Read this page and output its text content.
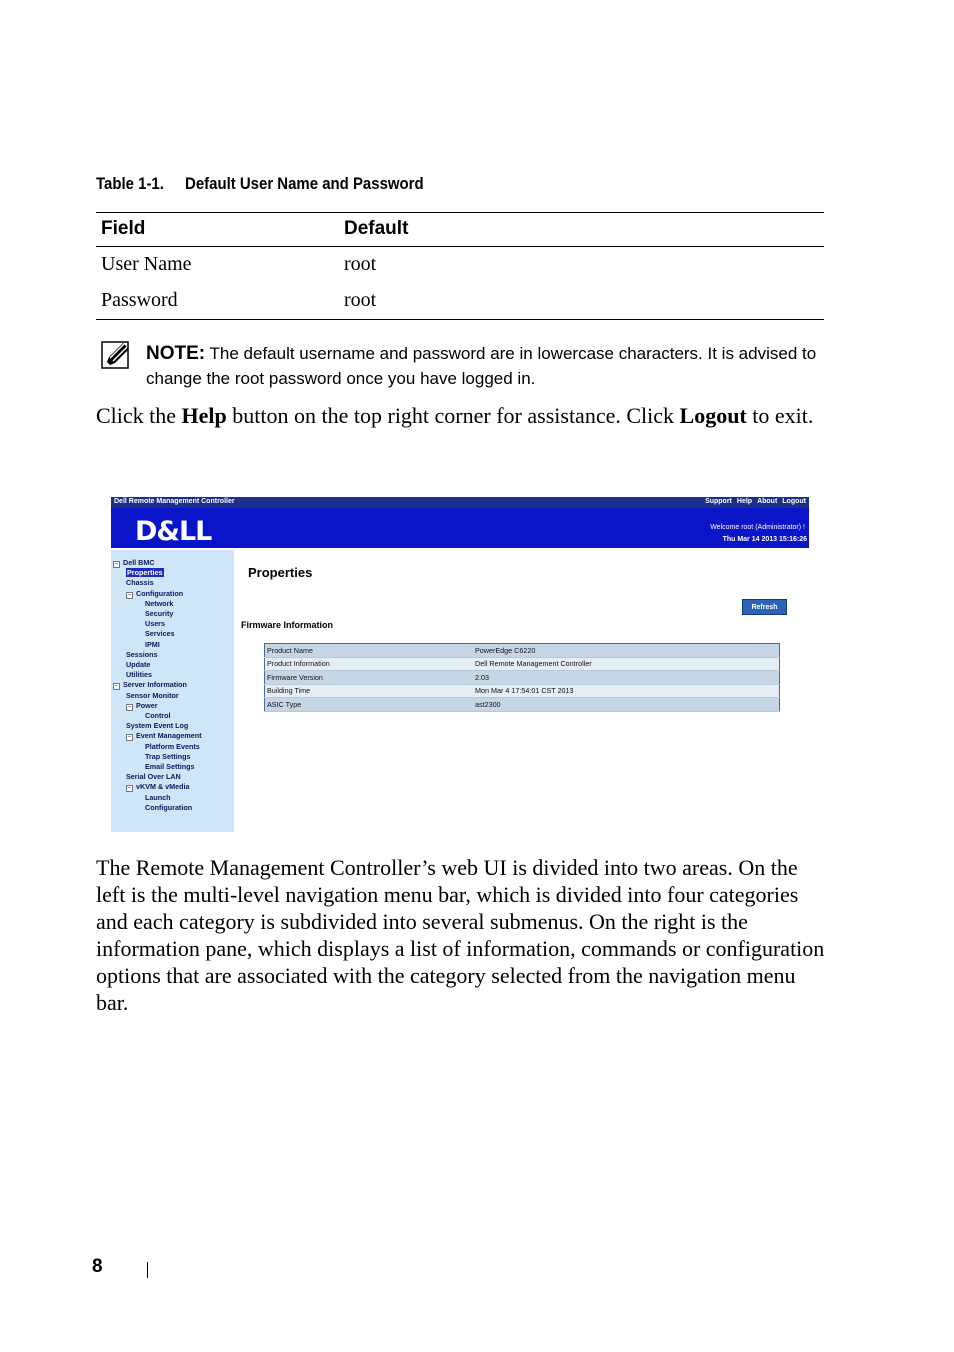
Table 1-1. Default User Name and Password
Field	Default
User Name	root
Password	root
NOTE: The default username and password are in lowercase characters. It is advised to change the root password once you have logged in.
Click the Help button on the top right corner for assistance. Click Logout to exit.
Dell Remote Management Controller	Support Help About Logout
D&LL	Welcome root (Administrator) !
Thu Mar 14 2013 15:16:26
− Dell BMC
Properties
Chassis
− Configuration
Network
Security
Users
Services
IPMI
Sessions
Update
Utilities
− Server Information
Sensor Monitor
− Power
Control
System Event Log
− Event Management
Platform Events
Trap Settings
Email Settings
Serial Over LAN
− vKVM & vMedia
Launch
Configuration
Properties
Refresh
Firmware Information
Product Name	PowerEdge C6220
Product Information	Dell Remote Management Controller
Firmware Version	2.03
Building Time	Mon Mar 4 17:54:01 CST 2013
ASIC Type	ast2300
The Remote Management Controller’s web UI is divided into two areas. On the left is the multi-level navigation menu bar, which is divided into four categories and each category is subdivided into several submenus. On the right is the information pane, which displays a list of information, commands or configuration options that are associated with the category selected from the navigation menu bar.
8
